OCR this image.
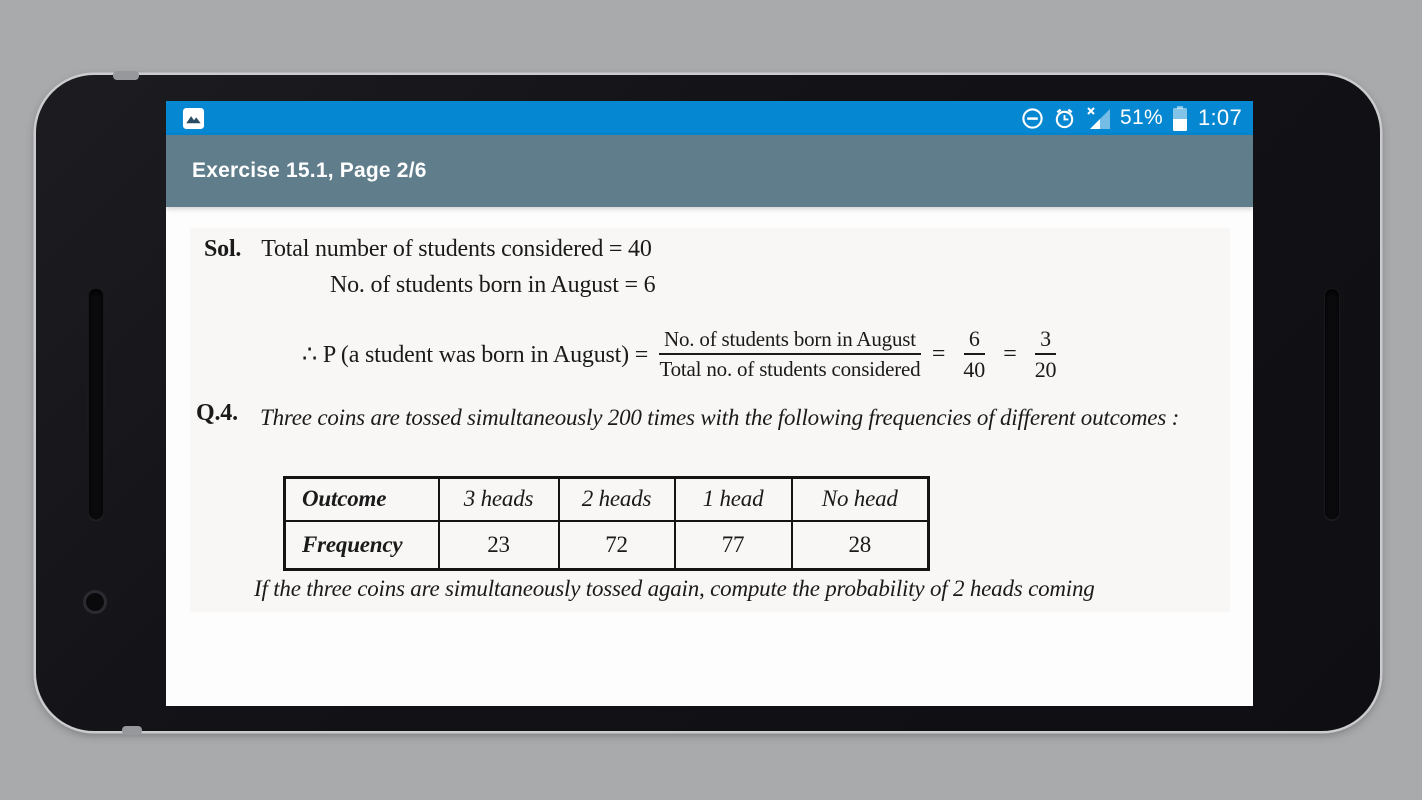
51% 1:07
Exercise 15.1, Page 2/6
Sol. Total number of students considered = 40
No. of students born in August = 6
∴ P (a student was born in August) = $\frac{\text{No. of students born in August}}{\text{Total no. of students considered}} = \frac{6}{40} = \frac{3}{20}$
Q.4. Three coins are tossed simultaneously 200 times with the following frequencies of different outcomes :
Outcome	3 heads	2 heads	1 head	No head
Frequency	23	72	77	28
If the three coins are simultaneously tossed again, compute the probability of 2 heads coming
